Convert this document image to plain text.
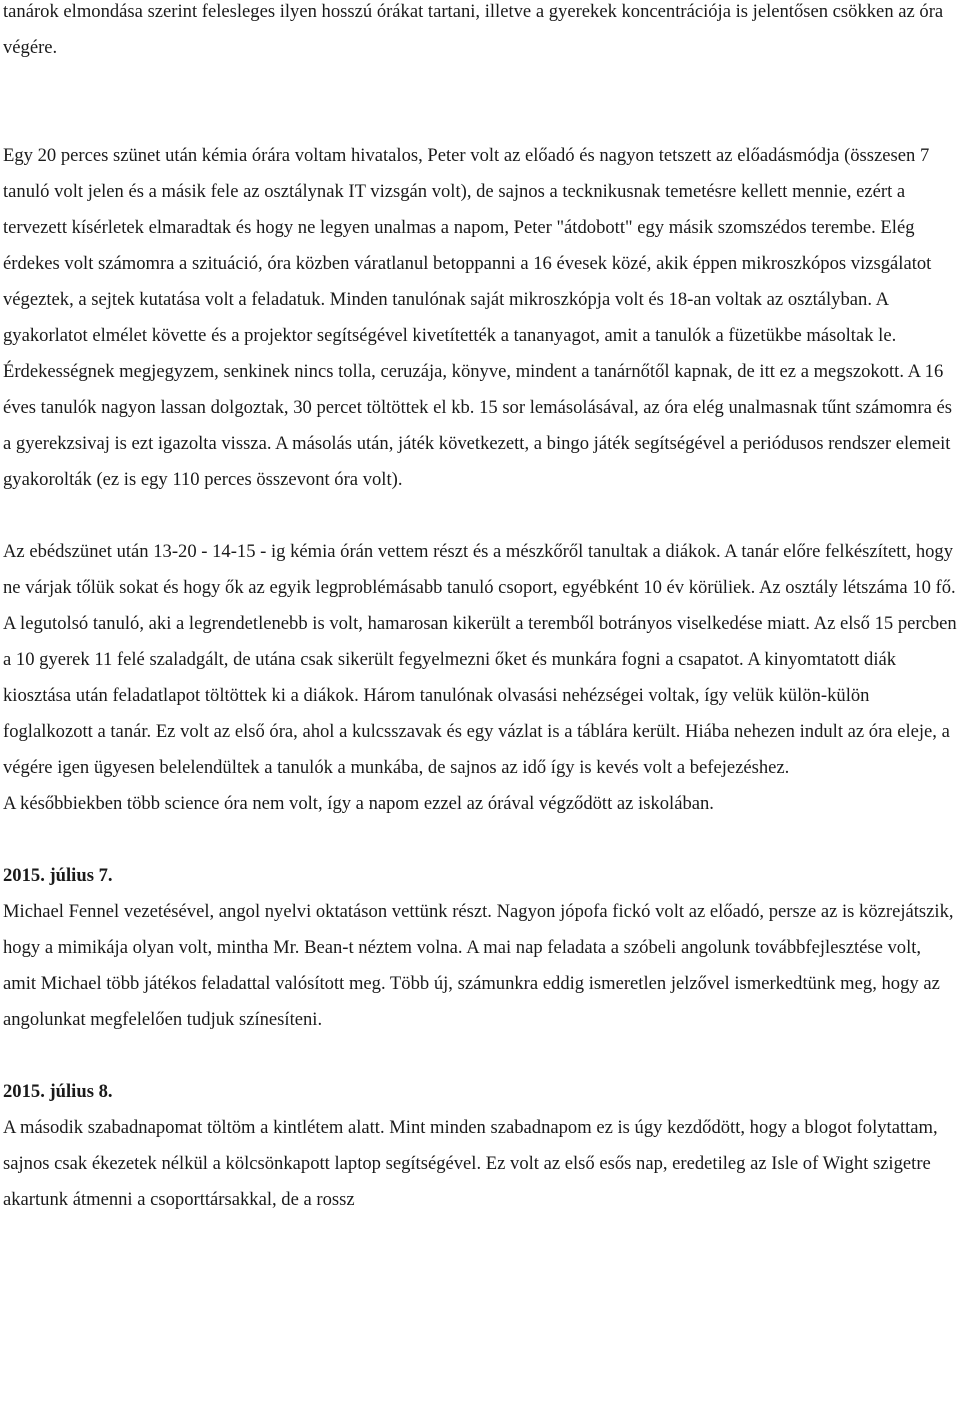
tanárok elmondása szerint felesleges ilyen hosszú órákat tartani, illetve a gyerekek koncentrációja is jelentősen csökken az óra végére.

Egy 20 perces szünet után kémia órára voltam hivatalos, Peter volt az előadó és nagyon tetszett az előadásmódja (összesen 7 tanuló volt jelen és a másik fele az osztálynak IT vizsgán volt), de sajnos a tecknikusnak temetésre kellett mennie, ezért a tervezett kísérletek elmaradtak és hogy ne legyen unalmas a napom, Peter "átdobott" egy másik szomszédos terembe. Elég érdekes volt számomra a szituáció, óra közben váratlanul betoppanni a 16 évesek közé, akik éppen mikroszkópos vizsgálatot végeztek, a sejtek kutatása volt a feladatuk. Minden tanulónak saját mikroszkópja volt és 18-an voltak az osztályban. A gyakorlatot elmélet követte és a projektor segítségével kivetítették a tananyagot, amit a tanulók a füzetükbe másoltak le. Érdekességnek megjegyzem, senkinek nincs tolla, ceruzája, könyve, mindent a tanárnőtől kapnak, de itt ez a megszokott. A 16 éves tanulók nagyon lassan dolgoztak, 30 percet töltöttek el kb. 15 sor lemásolásával, az óra elég unalmasnak tűnt számomra és a gyerekzsivaj is ezt igazolta vissza. A másolás után, játék következett, a bingo játék segítségével a periódusos rendszer elemeit gyakorolták (ez is egy 110 perces összevont óra volt).

Az ebédszünet után 13-20 - 14-15 - ig kémia órán vettem részt és a mészkőről tanultak a diákok. A tanár előre felkészített, hogy ne várjak tőlük sokat és hogy ők az egyik legproblémásabb tanuló csoport, egyébként 10 év körüliek. Az osztály létszáma 10 fő. A legutolsó tanuló, aki a legrendetlenebb is volt, hamarosan kikerült a teremből botrányos viselkedése miatt. Az első 15 percben a 10 gyerek 11 felé szaladgált, de utána csak sikerült fegyelmezni őket és munkára fogni a csapatot. A kinyomtatott diák kiosztása után feladatlapot töltöttek ki a diákok. Három tanulónak olvasási nehézségei voltak, így velük külön-külön foglalkozott a tanár. Ez volt az első óra, ahol a kulcsszavak és egy vázlat is a táblára került. Hiába nehezen indult az óra eleje, a végére igen ügyesen belelendültek a tanulók a munkába, de sajnos az idő így is kevés volt a befejezéshez.

A későbbiekben több science óra nem volt, így a napom ezzel az órával végződött az iskolában.

2015. július 7.

Michael Fennel vezetésével, angol nyelvi oktatáson vettünk részt. Nagyon jópofa fickó volt az előadó, persze az is közrejátszik, hogy a mimikája olyan volt, mintha Mr. Bean-t néztem volna. A mai nap feladata a szóbeli angolunk továbbfejlesztése volt, amit Michael több játékos feladattal valósított meg. Több új, számunkra eddig ismeretlen jelzővel ismerkedtünk meg, hogy az angolunkat megfelelően tudjuk színesíteni.

2015. július 8.

A második szabadnapomat töltöm a kintlétem alatt. Mint minden szabadnapom ez is úgy kezdődött, hogy a blogot folytattam, sajnos csak ékezetek nélkül a kölcsönkapott laptop segítségével. Ez volt az első esős nap, eredetileg az Isle of Wight szigetre akartunk átmenni a csoporttársakkal, de a rossz
